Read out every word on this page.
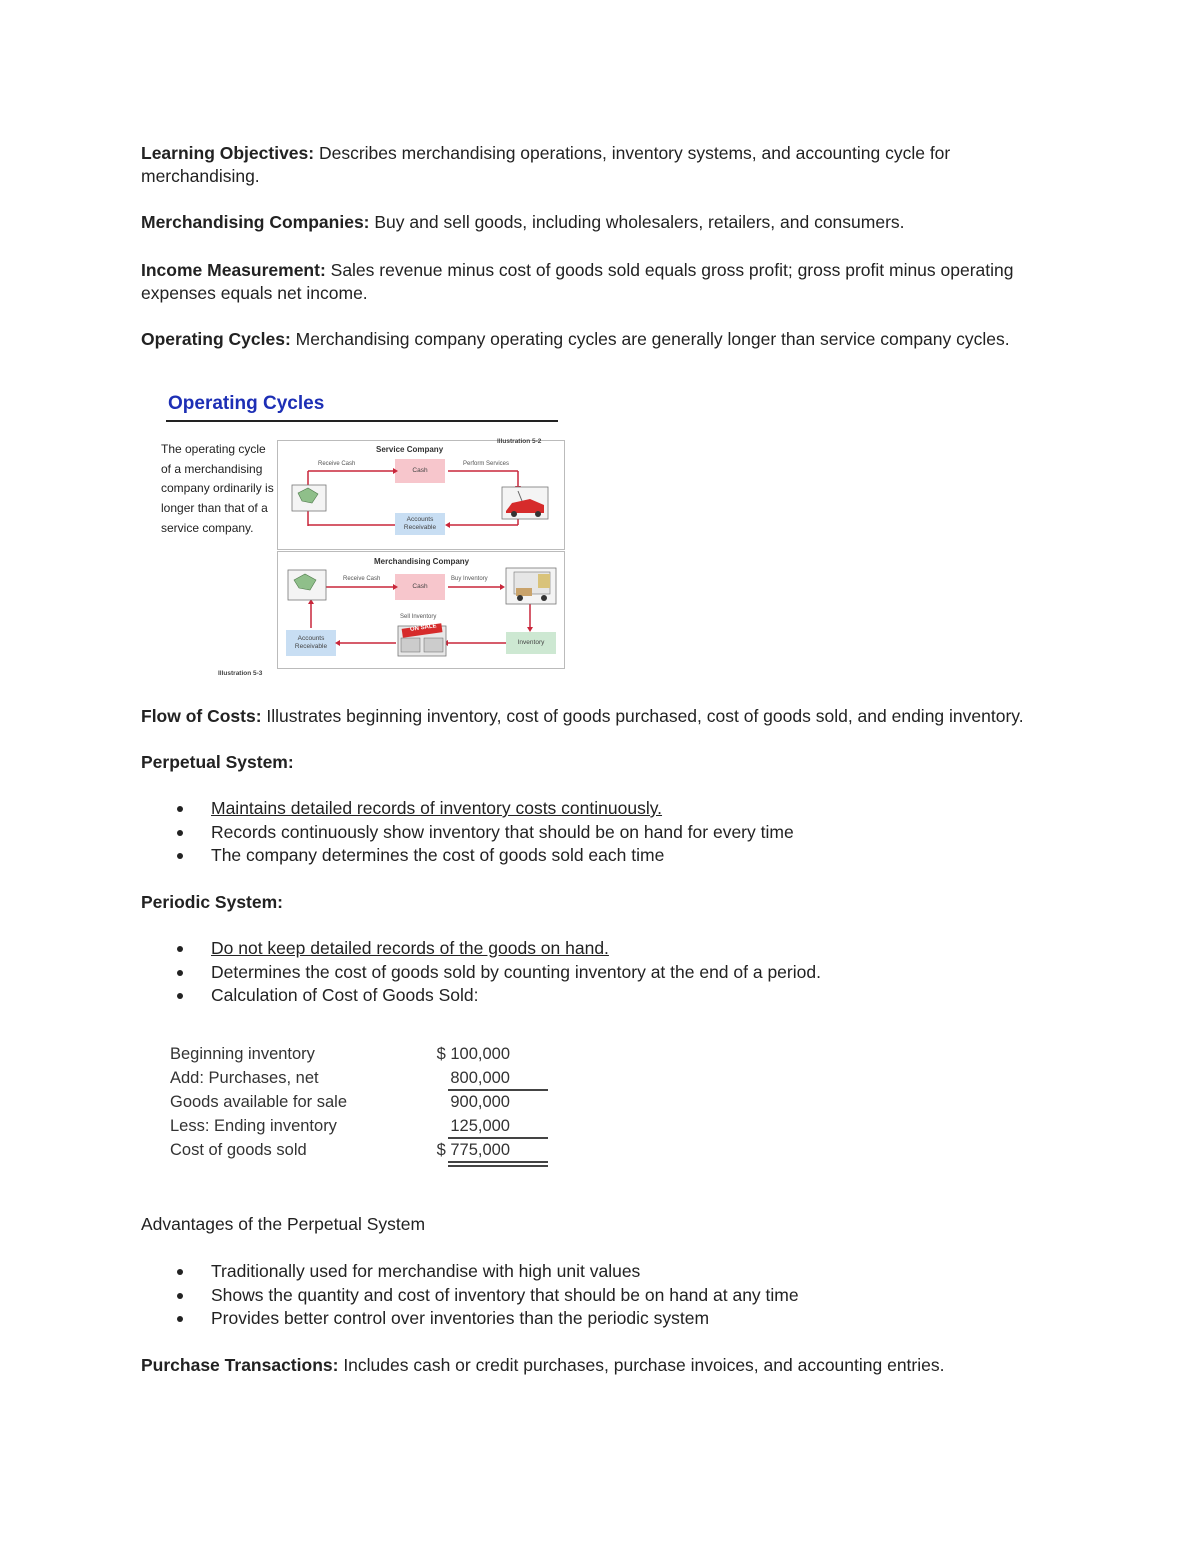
Learning Objectives: Describes merchandising operations, inventory systems, and accounting cycle for merchandising.

Merchandising Companies: Buy and sell goods, including wholesalers, retailers, and consumers.

Income Measurement: Sales revenue minus cost of goods sold equals gross profit; gross profit minus operating expenses equals net income.

Operating Cycles: Merchandising company operating cycles are generally longer than service company cycles.

Operating Cycles
The operating cycle of a merchandising company ordinarily is longer than that of a service company.
Service Company
Receive Cash	Perform Services
Cash
Accounts Receivable
Illustration 5-2
Merchandising Company
Receive Cash	Buy Inventory
Sell Inventory
Cash
Accounts Receivable
Inventory
ON SALE
Illustration 5-3

Flow of Costs: Illustrates beginning inventory, cost of goods purchased, cost of goods sold, and ending inventory.

Perpetual System:

Maintains detailed records of inventory costs continuously.
Records continuously show inventory that should be on hand for every time
The company determines the cost of goods sold each time

Periodic System:

Do not keep detailed records of the goods on hand.
Determines the cost of goods sold by counting inventory at the end of a period.
Calculation of Cost of Goods Sold:
Beginning inventory	$ 100,000
Add: Purchases, net	800,000
Goods available for sale	900,000
Less: Ending inventory	125,000
Cost of goods sold	$ 775,000

Advantages of the Perpetual System

Traditionally used for merchandise with high unit values
Shows the quantity and cost of inventory that should be on hand at any time
Provides better control over inventories than the periodic system

Purchase Transactions: Includes cash or credit purchases, purchase invoices, and accounting entries.
